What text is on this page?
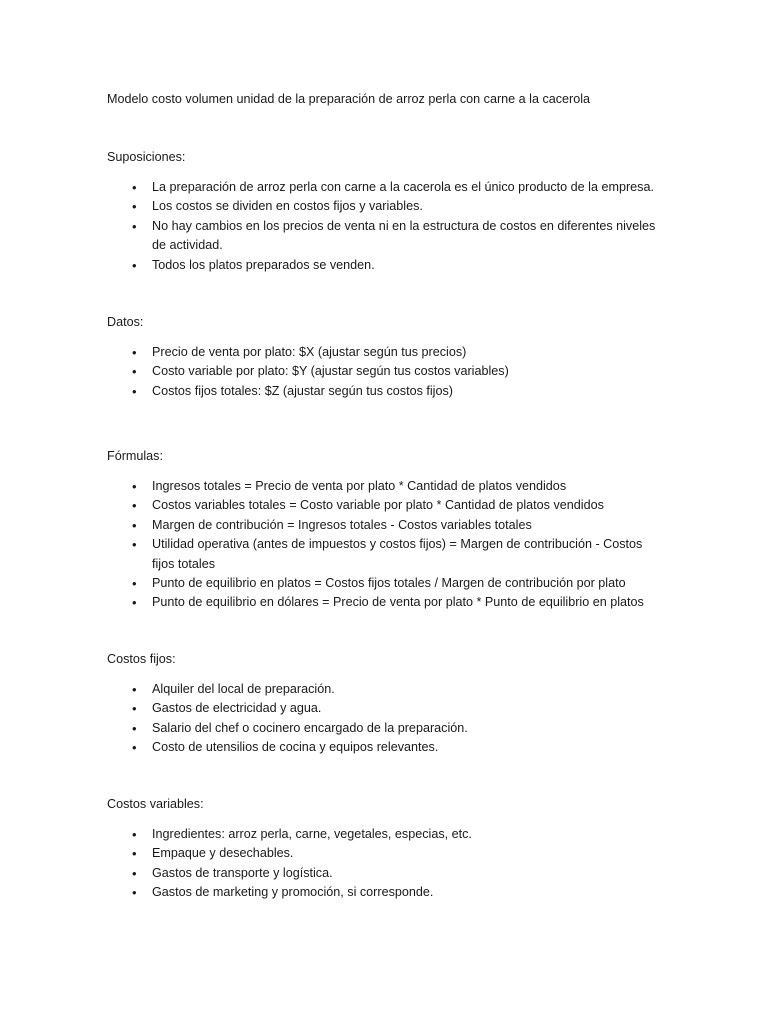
Modelo costo volumen unidad de la preparación de arroz perla con carne a la cacerola

Suposiciones:

• La preparación de arroz perla con carne a la cacerola es el único producto de la empresa.
• Los costos se dividen en costos fijos y variables.
• No hay cambios en los precios de venta ni en la estructura de costos en diferentes niveles de actividad.
• Todos los platos preparados se venden.

Datos:

• Precio de venta por plato: $X (ajustar según tus precios)
• Costo variable por plato: $Y (ajustar según tus costos variables)
• Costos fijos totales: $Z (ajustar según tus costos fijos)

Fórmulas:

• Ingresos totales = Precio de venta por plato * Cantidad de platos vendidos
• Costos variables totales = Costo variable por plato * Cantidad de platos vendidos
• Margen de contribución = Ingresos totales - Costos variables totales
• Utilidad operativa (antes de impuestos y costos fijos) = Margen de contribución - Costos fijos totales
• Punto de equilibrio en platos = Costos fijos totales / Margen de contribución por plato
• Punto de equilibrio en dólares = Precio de venta por plato * Punto de equilibrio en platos

Costos fijos:

• Alquiler del local de preparación.
• Gastos de electricidad y agua.
• Salario del chef o cocinero encargado de la preparación.
• Costo de utensilios de cocina y equipos relevantes.

Costos variables:

• Ingredientes: arroz perla, carne, vegetales, especias, etc.
• Empaque y desechables.
• Gastos de transporte y logística.
• Gastos de marketing y promoción, si corresponde.
